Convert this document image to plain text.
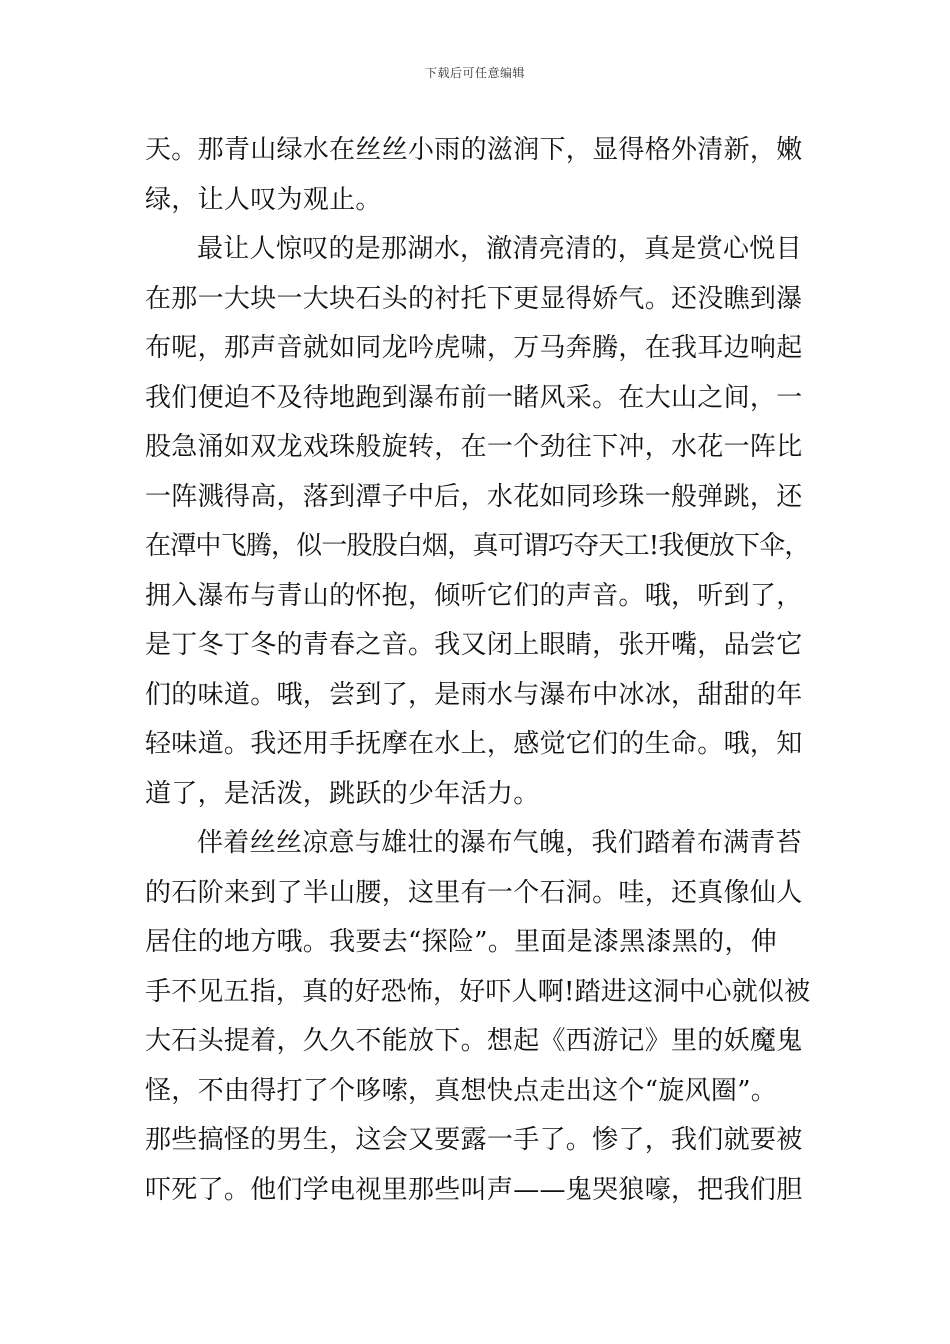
下载后可任意编辑
天。那青山绿水在丝丝小雨的滋润下，显得格外清新，嫩
绿，让人叹为观止。
最让人惊叹的是那湖水，澈清亮清的，真是赏心悦目
在那一大块一大块石头的衬托下更显得娇气。还没瞧到瀑
布呢，那声音就如同龙吟虎啸，万马奔腾，在我耳边响起
我们便迫不及待地跑到瀑布前一睹风采。在大山之间，一
股急涌如双龙戏珠般旋转，在一个劲往下冲，水花一阵比
一阵溅得高，落到潭子中后，水花如同珍珠一般弹跳，还
在潭中飞腾，似一股股白烟，真可谓巧夺天工!我便放下伞，
拥入瀑布与青山的怀抱，倾听它们的声音。哦，听到了，
是丁冬丁冬的青春之音。我又闭上眼睛，张开嘴，品尝它
们的味道。哦，尝到了，是雨水与瀑布中冰冰，甜甜的年
轻味道。我还用手抚摩在水上，感觉它们的生命。哦，知
道了，是活泼，跳跃的少年活力。
伴着丝丝凉意与雄壮的瀑布气魄，我们踏着布满青苔
的石阶来到了半山腰，这里有一个石洞。哇，还真像仙人
居住的地方哦。我要去“探险”。里面是漆黑漆黑的，伸
手不见五指，真的好恐怖，好吓人啊!踏进这洞中心就似被
大石头提着，久久不能放下。想起《西游记》里的妖魔鬼
怪，不由得打了个哆嗦，真想快点走出这个“旋风圈”。
那些搞怪的男生，这会又要露一手了。惨了，我们就要被
吓死了。他们学电视里那些叫声——鬼哭狼嚎，把我们胆
